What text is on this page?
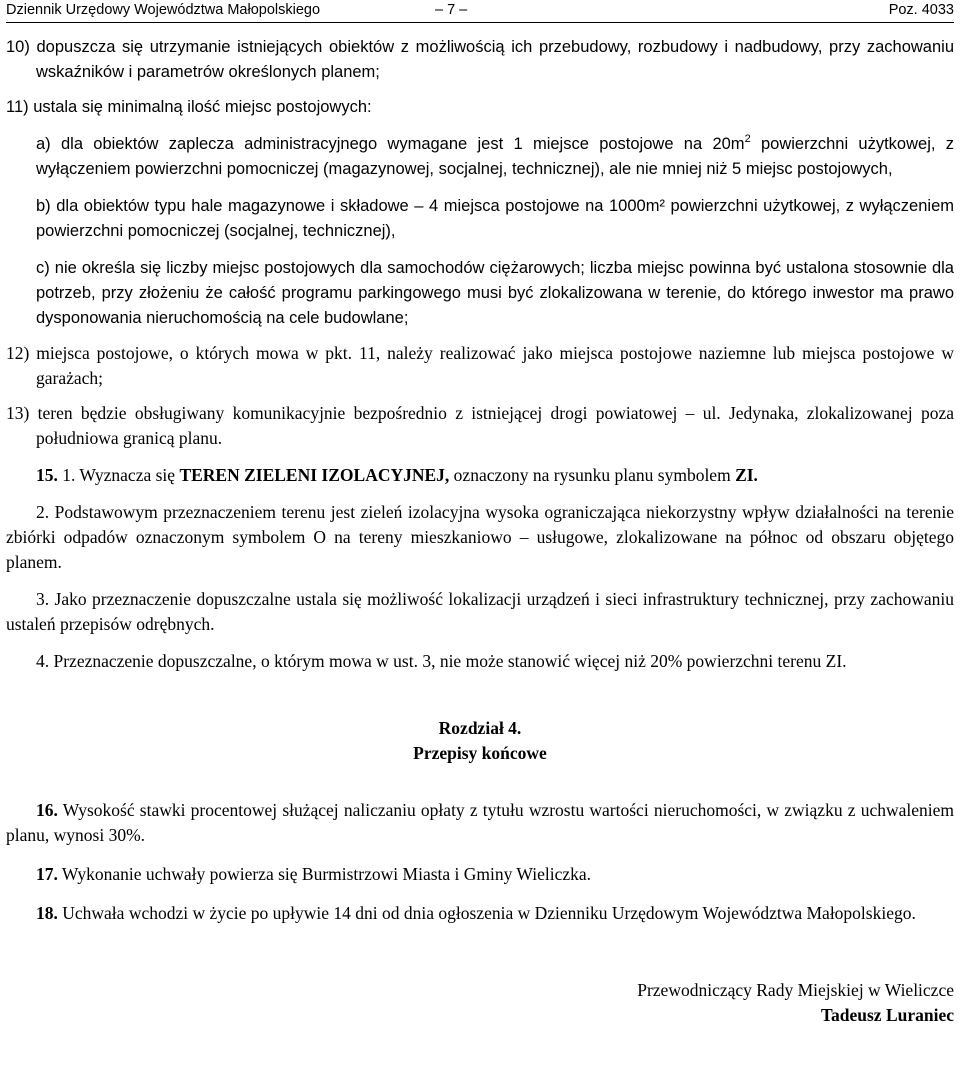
Dziennik Urzędowy Województwa Małopolskiego	– 7 –	Poz. 4033

10) dopuszcza się utrzymanie istniejących obiektów z możliwością ich przebudowy, rozbudowy i nadbudowy, przy zachowaniu wskaźników i parametrów określonych planem;

11) ustala się minimalną ilość miejsc postojowych:

a) dla obiektów zaplecza administracyjnego wymagane jest 1 miejsce postojowe na $20m^2$ powierzchni użytkowej, z wyłączeniem powierzchni pomocniczej (magazynowej, socjalnej, technicznej), ale nie mniej niż 5 miejsc postojowych,

b) dla obiektów typu hale magazynowe i składowe – 4 miejsca postojowe na 1000m² powierzchni użytkowej, z wyłączeniem powierzchni pomocniczej (socjalnej, technicznej),

c) nie określa się liczby miejsc postojowych dla samochodów ciężarowych; liczba miejsc powinna być ustalona stosownie dla potrzeb, przy złożeniu że całość programu parkingowego musi być zlokalizowana w terenie, do którego inwestor ma prawo dysponowania nieruchomością na cele budowlane;

12) miejsca postojowe, o których mowa w pkt. 11, należy realizować jako miejsca postojowe naziemne lub miejsca postojowe w garażach;

13) teren będzie obsługiwany komunikacyjnie bezpośrednio z istniejącej drogi powiatowej – ul. Jedynaka, zlokalizowanej poza południowa granicą planu.

15. 1. Wyznacza się TEREN ZIELENI IZOLACYJNEJ, oznaczony na rysunku planu symbolem ZI.

2. Podstawowym przeznaczeniem terenu jest zieleń izolacyjna wysoka ograniczająca niekorzystny wpływ działalności na terenie zbiórki odpadów oznaczonym symbolem O na tereny mieszkaniowo – usługowe, zlokalizowane na północ od obszaru objętego planem.

3. Jako przeznaczenie dopuszczalne ustala się możliwość lokalizacji urządzeń i sieci infrastruktury technicznej, przy zachowaniu ustaleń przepisów odrębnych.

4. Przeznaczenie dopuszczalne, o którym mowa w ust. 3, nie może stanowić więcej niż 20% powierzchni terenu ZI.

Rozdział 4.

Przepisy końcowe

16. Wysokość stawki procentowej służącej naliczaniu opłaty z tytułu wzrostu wartości nieruchomości, w związku z uchwaleniem planu, wynosi 30%.

17. Wykonanie uchwały powierza się Burmistrzowi Miasta i Gminy Wieliczka.

18. Uchwała wchodzi w życie po upływie 14 dni od dnia ogłoszenia w Dzienniku Urzędowym Województwa Małopolskiego.

Przewodniczący Rady Miejskiej w Wieliczce

Tadeusz Luraniec
